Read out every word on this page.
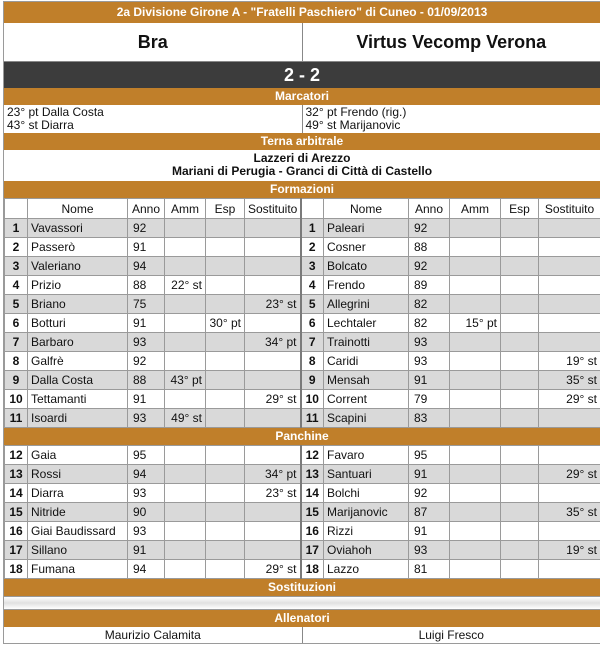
2a Divisione Girone A - "Fratelli Paschiero" di Cuneo - 01/09/2013
Bra	Virtus Vecomp Verona
2 - 2
Marcatori
23° pt Dalla Costa
43° st Diarra
32° pt Frendo (rig.)
49° st Marijanovic
Terna arbitrale
Lazzeri di Arezzo
Mariani di Perugia - Granci di Città di Castello
Formazioni
	Nome	Anno	Amm	Esp	Sostituito		Nome	Anno	Amm	Esp	Sostituito
1	Vavassori	92				1	Paleari	92			
2	Passerò	91				2	Cosner	88			
3	Valeriano	94				3	Bolcato	92			
4	Prizio	88	22° st			4	Frendo	89			
5	Briano	75			23° st	5	Allegrini	82			
6	Botturi	91		30° pt		6	Lechtaler	82	15° pt		
7	Barbaro	93			34° pt	7	Trainotti	93			
8	Galfrè	92				8	Caridi	93			19° st
9	Dalla Costa	88	43° pt			9	Mensah	91			35° st
10	Tettamanti	91			29° st	10	Corrent	79			29° st
11	Isoardi	93	49° st			11	Scapini	83			
Panchine
12	Gaia	95				12	Favaro	95			
13	Rossi	94			34° pt	13	Santuari	91			29° st
14	Diarra	93			23° st	14	Bolchi	92			
15	Nitride	90				15	Marijanovic	87			35° st
16	Giai Baudissard	93				16	Rizzi	91			
17	Sillano	91				17	Oviahoh	93			19° st
18	Fumana	94			29° st	18	Lazzo	81			
Sostituzioni
Allenatori
Maurizio Calamita	Luigi Fresco
